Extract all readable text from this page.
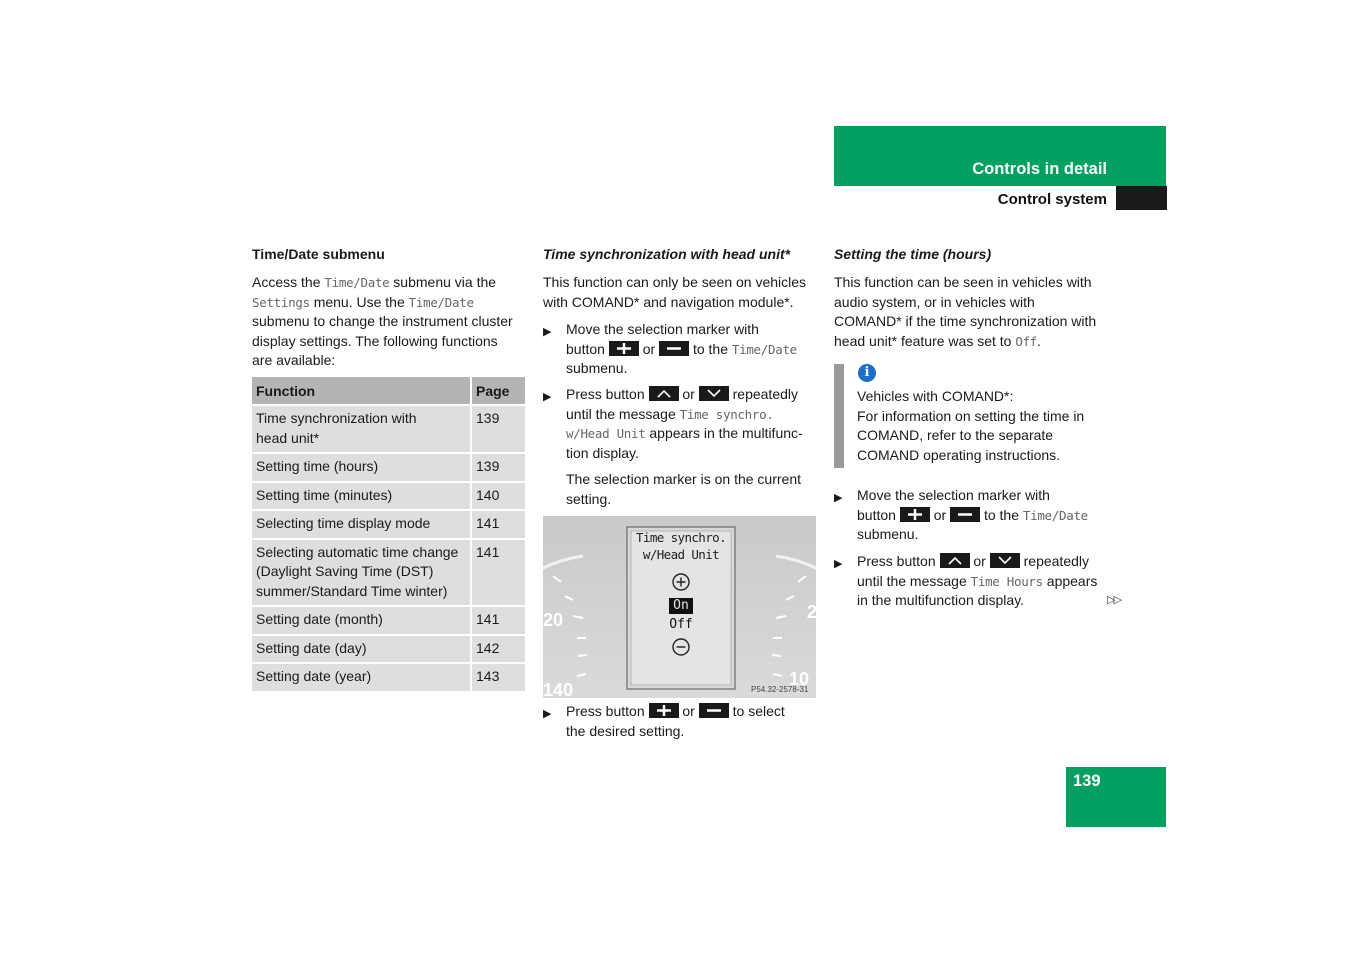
Controls in detail
Control system
Time/Date submenu
Access the Time/Date submenu via the
Settings menu. Use the Time/Date
submenu to change the instrument cluster
display settings. The following functions
are available:
Function	Page

Time synchronization with
head unit*	139

Setting time (hours)	139

Setting time (minutes)	140

Selecting time display mode	141

Selecting automatic time change
(Daylight Saving Time (DST)
summer/Standard Time winter)	141

Setting date (month)	141

Setting date (day)	142

Setting date (year)	143
Time synchronization with head unit*
This function can only be seen on vehicles
with COMAND* and navigation module*.
▶ Move the selection marker with
button
or
to the Time/Date
submenu.
▶ Press button
or
repeatedly
until the message Time synchro.
w/Head Unit appears in the multifunc-
tion display.
The selection marker is on the current
setting.
20
140
2
10
Time synchro.
w/Head Unit
On
Off
P54.32-2578-31
▶ Press button
or
to select
the desired setting.
Setting the time (hours)
This function can be seen in vehicles with
audio system, or in vehicles with
COMAND* if the time synchronization with
head unit* feature was set to Off.
i
Vehicles with COMAND*:
For information on setting the time in
COMAND, refer to the separate
COMAND operating instructions.
▶ Move the selection marker with
button
or
to the Time/Date
submenu.
▶ Press button
or
repeatedly
until the message Time Hours appears
in the multifunction display.	▷▷
139
